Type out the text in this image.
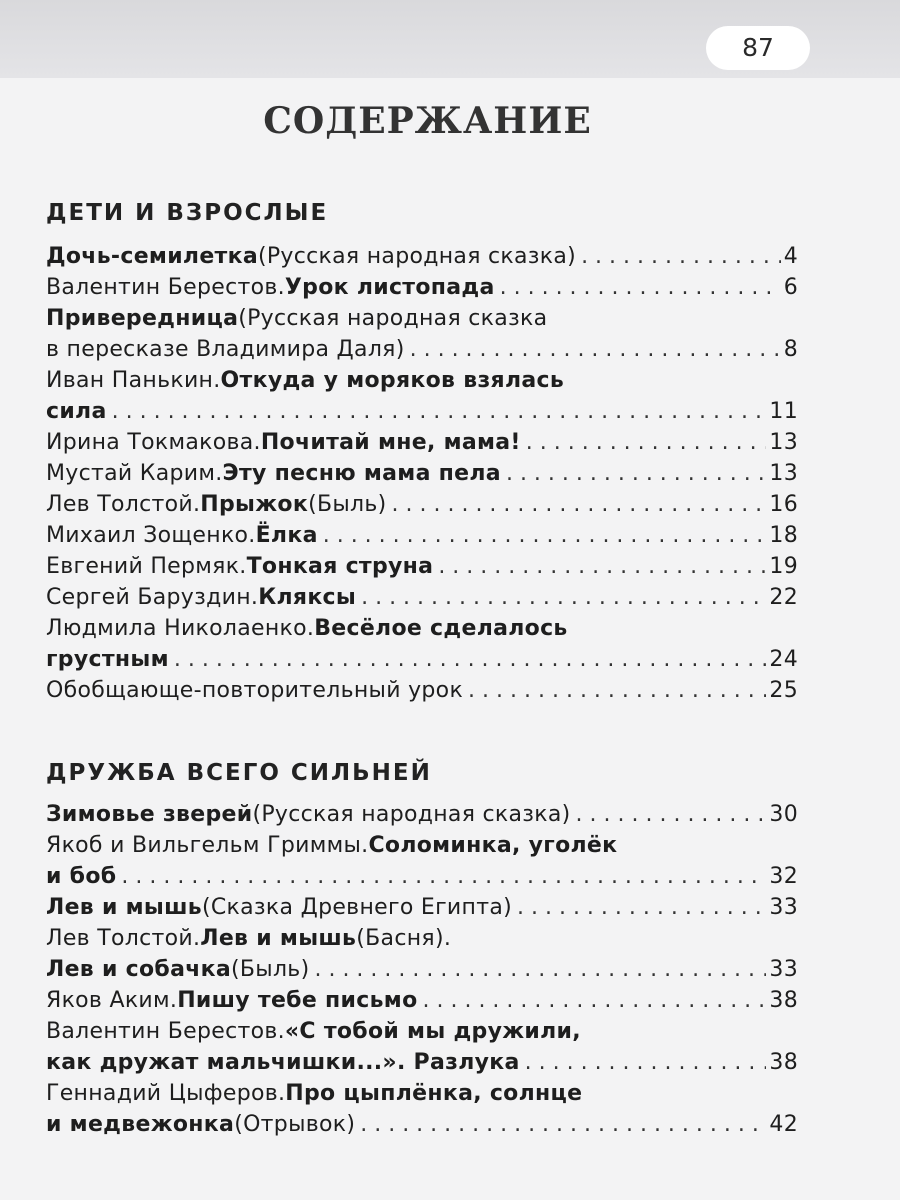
87
СОДЕРЖАНИЕ
ДЕТИ И ВЗРОСЛЫЕ
Дочь-семилетка (Русская народная сказка) . . .	4
Валентин Берестов. Урок листопада . . .	6
Привередница (Русская народная сказка
в пересказе Владимира Даля) . . .	8
Иван Панькин. Откуда у моряков взялась
сила . . .	11
Ирина Токмакова. Почитай мне, мама! . . .	13
Мустай Карим. Эту песню мама пела . . .	13
Лев Толстой. Прыжок (Быль) . . .	16
Михаил Зощенко. Ёлка . . .	18
Евгений Пермяк. Тонкая струна . . .	19
Сергей Баруздин. Кляксы . . .	22
Людмила Николаенко. Весёлое сделалось
грустным . . .	24
Обобщающе-повторительный урок . . .	25
ДРУЖБА ВСЕГО СИЛЬНЕЙ
Зимовье зверей (Русская народная сказка) . . .	30
Якоб и Вильгельм Гриммы. Соломинка, уголёк
и боб . . .	32
Лев и мышь (Сказка Древнего Египта) . . .	33
Лев Толстой. Лев и мышь (Басня).
Лев и собачка (Быль) . . .	33
Яков Аким. Пишу тебе письмо . . .	38
Валентин Берестов. «С тобой мы дружили,
как дружат мальчишки...». Разлука . . .	38
Геннадий Цыферов. Про цыплёнка, солнце
и медвежонка (Отрывок) . . .	42
